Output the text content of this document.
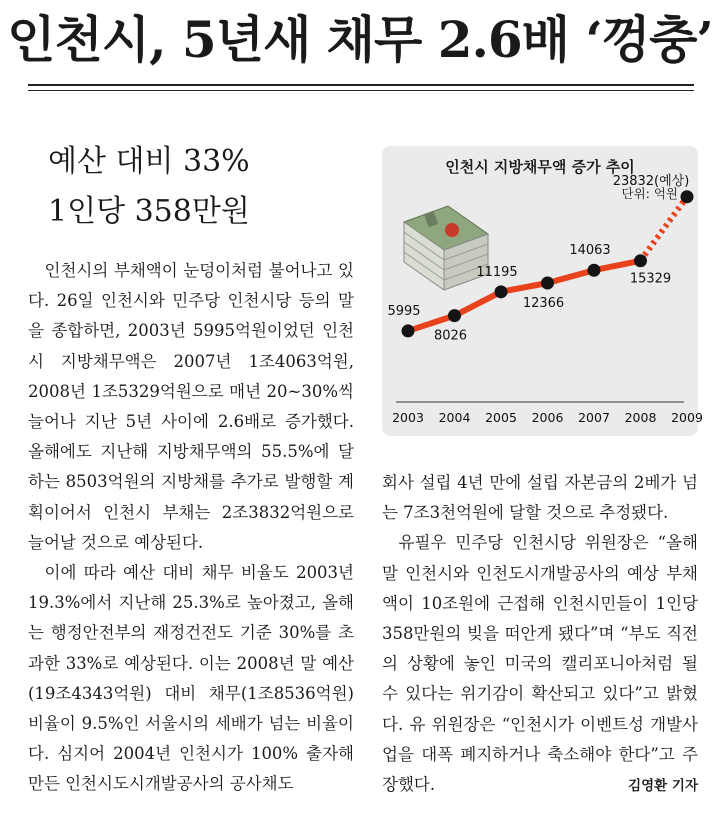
인천시, 5년새 채무 2.6배 ‘껑충’
예산 대비 33%
1인당 358만원

인천시의 부채액이 눈덩이처럼 불어나고 있다. 26일 인천시와 민주당 인천시당 등의 말을 종합하면, 2003년 5995억원이었던 인천시 지방채무액은 2007년 1조4063억원, 2008년 1조5329억원으로 매년 20~30%씩 늘어나 지난 5년 사이에 2.6배로 증가했다. 올해에도 지난해 지방채무액의 55.5%에 달하는 8503억원의 지방채를 추가로 발행할 계획이어서 인천시 부채는 2조3832억원으로 늘어날 것으로 예상된다.

이에 따라 예산 대비 채무 비율도 2003년 19.3%에서 지난해 25.3%로 높아졌고, 올해는 행정안전부의 재정건전도 기준 30%를 초과한 33%로 예상된다. 이는 2008년 말 예산(19조4343억원) 대비 채무(1조8536억원) 비율이 9.5%인 서울시의 세배가 넘는 비율이다. 심지어 2004년 인천시가 100% 출자해 만든 인천시도시개발공사의 공사채도

인천시 지방채무액 증가 추이
단위: 억원
5995
2003
8026
2004
11195
2005
12366
2006
14063
2007
15329
2008
23832(예상)
2009

회사 설립 4년 만에 설립 자본금의 2베가 넘는 7조3천억원에 달할 것으로 추정됐다.

유필우 민주당 인천시당 위원장은 “올해 말 인천시와 인천도시개발공사의 예상 부채액이 10조원에 근접해 인천시민들이 1인당 358만원의 빚을 떠안게 됐다”며 “부도 직전의 상황에 놓인 미국의 캘리포니아처럼 될 수 있다는 위기감이 확산되고 있다”고 밝혔다. 유 위원장은 “인천시가 이벤트성 개발사업을 대폭 폐지하거나 축소해야 한다”고 주장했다.	김영환 기자
